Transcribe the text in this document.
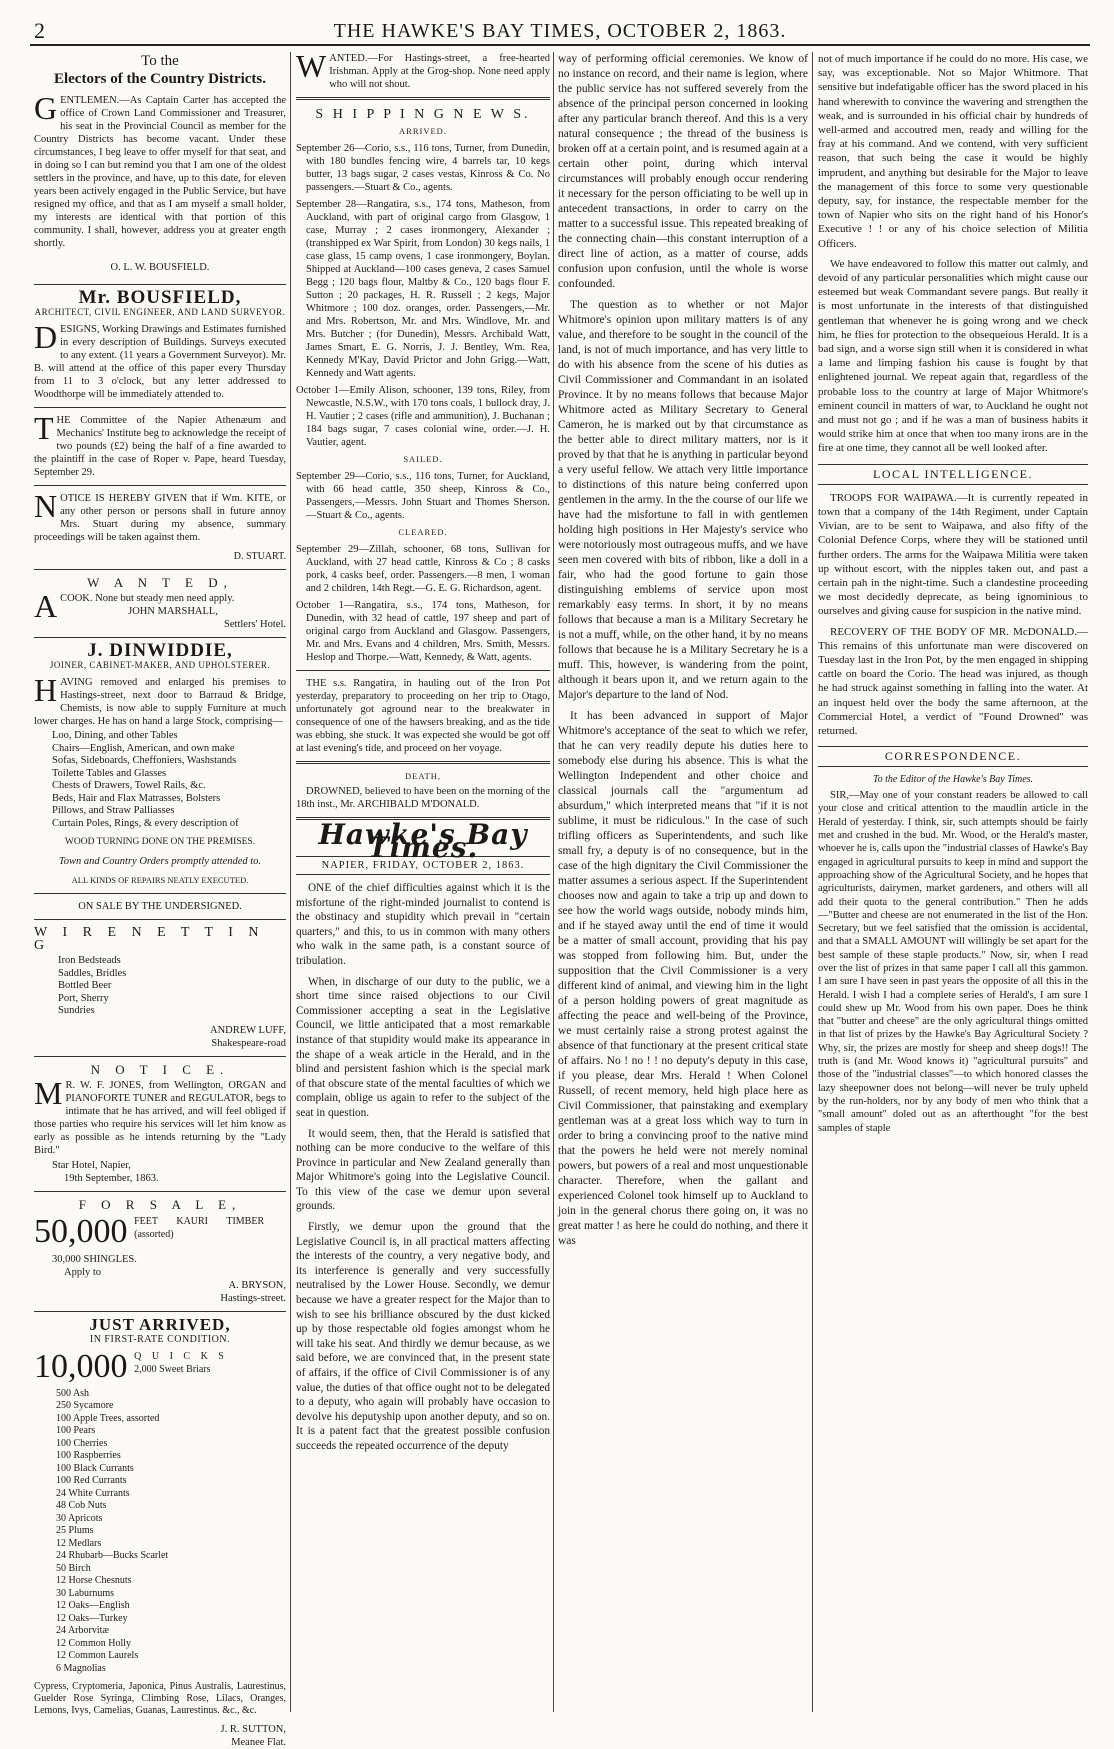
2	THE HAWKE'S BAY TIMES, OCTOBER 2, 1863.

To the

Electors of the Country Districts.

GENTLEMEN.—As Captain Carter has accepted the office of Crown Land Commissioner and Treasurer, his seat in the Provincial Council as member for the Country Districts has become vacant. Under these circumstances, I beg leave to offer myself for that seat, and in doing so I can but remind you that I am one of the oldest settlers in the province, and have, up to this date, for eleven years been actively engaged in the Public Service, but have resigned my office, and that as I am myself a small holder, my interests are identical with that portion of this community. I shall, however, address you at greater ength shortly.

O. L. W. BOUSFIELD.

Mr. BOUSFIELD,

ARCHITECT, CIVIL ENGINEER, AND LAND SURVEYOR.

DESIGNS, Working Drawings and Estimates furnished in every description of Buildings. Surveys executed to any extent. (11 years a Government Surveyor). Mr. B. will attend at the office of this paper every Thursday from 11 to 3 o'clock, but any letter addressed to Woodthorpe will be immediately attended to.

THE Committee of the Napier Athenæum and Mechanics' Institute beg to acknowledge the receipt of two pounds (£2) being the half of a fine awarded to the plaintiff in the case of Roper v. Pape, heard Tuesday, September 29.

NOTICE IS HEREBY GIVEN that if Wm. KITE, or any other person or persons shall in future annoy Mrs. Stuart during my absence, summary proceedings will be taken against them.

D. STUART.

W A N T E D,

ACOOK. None but steady men need apply.

JOHN MARSHALL,

Settlers' Hotel.

J. DINWIDDIE,

JOINER, CABINET-MAKER, AND UPHOLSTERER.

HAVING removed and enlarged his premises to Hastings-street, next door to Barraud & Bridge, Chemists, is now able to supply Furniture at much lower charges. He has on hand a large Stock, comprising—

Loo, Dining, and other Tables
Chairs—English, American, and own make
Sofas, Sideboards, Cheffoniers, Washstands
Toilette Tables and Glasses
Chests of Drawers, Towel Rails, &c.
Beds, Hair and Flax Matrasses, Bolsters
Pillows, and Straw Palliasses
Curtain Poles, Rings, & every description of

WOOD TURNING DONE ON THE PREMISES.

Town and Country Orders promptly attended to.

ALL KINDS OF REPAIRS NEATLY EXECUTED.

ON SALE BY THE UNDERSIGNED.

W I R E N E T T I N G

Iron Bedsteads
Saddles, Bridles
Bottled Beer
Port, Sherry
Sundries

ANDREW LUFF,

Shakespeare-road

N O T I C E.

MR. W. F. JONES, from Wellington, ORGAN and PIANOFORTE TUNER and REGULATOR, begs to intimate that he has arrived, and will feel obliged if those parties who require his services will let him know as early as possible as he intends returning by the "Lady Bird."

Star Hotel, Napier,

19th September, 1863.

F O R S A L E,

50,000 FEET KAURI TIMBER (assorted)

30,000 SHINGLES.

Apply to

A. BRYSON,

Hastings-street.

JUST ARRIVED,

IN FIRST-RATE CONDITION.

10,000 Q U I C K S
2,000 Sweet Briars
500 Ash
250 Sycamore
100 Apple Trees, assorted
100 Pears
100 Cherries
100 Raspberries
100 Black Currants
100 Red Currants
24 White Currants
48 Cob Nuts
30 Apricots
25 Plums
12 Medlars
24 Rhubarb—Bucks Scarlet
50 Birch
12 Horse Chesnuts
30 Laburnums
12 Oaks—English
12 Oaks—Turkey
24 Arborvitæ
12 Common Holly
12 Common Laurels
6 Magnolias

Cypress, Cryptomeria, Japonica, Pinus Australis, Laurestinus, Guelder Rose Syringa, Climbing Rose, Lilacs, Oranges, Lemons, Ivys, Camelias, Guanas, Laurestinus. &c., &c.

J. R. SUTTON,

Meanee Flat.

WANTED.—For Hastings-street, a free-hearted Irishman. Apply at the Grog-shop. None need apply who will not shout.

S H I P P I N G N E W S.

ARRIVED.

September 26—Corio, s.s., 116 tons, Turner, from Dunedin, with 180 bundles fencing wire, 4 barrels tar, 10 kegs butter, 13 bags sugar, 2 cases vestas, Kinross & Co. No passengers.—Stuart & Co., agents.

September 28—Rangatira, s.s., 174 tons, Matheson, from Auckland, with part of original cargo from Glasgow, 1 case, Murray ; 2 cases ironmongery, Alexander ; (transhipped ex War Spirit, from London) 30 kegs nails, 1 case glass, 15 camp ovens, 1 case ironmongery, Boylan. Shipped at Auckland—100 cases geneva, 2 cases Samuel Begg ; 120 bags flour, Maltby & Co., 120 bags flour F. Sutton ; 20 packages, H. R. Russell ; 2 kegs, Major Whitmore ; 100 doz. oranges, order. Passengers,—Mr. and Mrs. Robertson, Mr. and Mrs. Windlove, Mr. and Mrs. Butcher ; (for Dunedin), Messrs. Archibald Watt, James Smart, E. G. Norris, J. J. Bentley, Wm. Rea, Kennedy M'Kay, David Prictor and John Grigg.—Watt, Kennedy and Watt agents.

October 1—Emily Alison, schooner, 139 tons, Riley, from Newcastle, N.S.W., with 170 tons coals, 1 bullock dray, J. H. Vautier ; 2 cases (rifle and ammunition), J. Buchanan ; 184 bags sugar, 7 cases colonial wine, order.—J. H. Vautier, agent.

SAILED.

September 29—Corio, s.s., 116 tons, Turner, for Auckland, with 66 head cattle, 350 sheep, Kinross & Co., Passengers,—Messrs. John Stuart and Thomes Sherson.—Stuart & Co., agents.

CLEARED.

September 29—Zillah, schooner, 68 tons, Sullivan for Auckland, with 27 head cattle, Kinross & Co ; 8 casks pork, 4 casks beef, order. Passengers.—8 men, 1 woman and 2 children, 14th Regt.—G. E. G. Richardson, agent.

October 1—Rangatira, s.s., 174 tons, Matheson, for Dunedin, with 32 head of cattle, 197 sheep and part of original cargo from Auckland and Glasgow. Passengers, Mr. and Mrs. Evans and 4 children, Mrs. Smith, Messrs. Heslop and Thorpe.—Watt, Kennedy, & Watt, agents.

THE s.s. Rangatira, in hauling out of the Iron Pot yesterday, preparatory to proceeding on her trip to Otago, unfortunately got aground near to the breakwater in consequence of one of the hawsers breaking, and as the tide was ebbing, she stuck. It was expected she would be got off at last evening's tide, and proceed on her voyage.

DEATH,

DROWNED, believed to have been on the morning of the 18th inst., Mr. ARCHIBALD M'DONALD.

Hawke's Bay Times.

NAPIER, FRIDAY, OCTOBER 2, 1863.

ONE of the chief difficulties against which it is the misfortune of the right-minded journalist to contend is the obstinacy and stupidity which prevail in "certain quarters," and this, to us in common with many others who walk in the same path, is a constant source of tribulation.

When, in discharge of our duty to the public, we a short time since raised objections to our Civil Commissioner accepting a seat in the Legislative Council, we little anticipated that a most remarkable instance of that stupidity would make its appearance in the shape of a weak article in the Herald, and in the blind and persistent fashion which is the special mark of that obscure state of the mental faculties of which we complain, oblige us again to refer to the subject of the seat in question.

It would seem, then, that the Herald is satisfied that nothing can be more conducive to the welfare of this Province in particular and New Zealand generally than Major Whitmore's going into the Legislative Council. To this view of the case we demur upon several grounds.

Firstly, we demur upon the ground that the Legislative Council is, in all practical matters affecting the interests of the country, a very negative body, and its interference is generally and very successfully neutralised by the Lower House. Secondly, we demur because we have a greater respect for the Major than to wish to see his brilliance obscured by the dust kicked up by those respectable old fogies amongst whom he will take his seat. And thirdly we demur because, as we said before, we are convinced that, in the present state of affairs, if the office of Civil Commissioner is of any value, the duties of that office ought not to be delegated to a deputy, who again will probably have occasion to devolve his deputyship upon another deputy, and so on. It is a patent fact that the greatest possible confusion succeeds the repeated occurrence of the deputy

way of performing official ceremonies. We know of no instance on record, and their name is legion, where the public service has not suffered severely from the absence of the principal person concerned in looking after any particular branch thereof. And this is a very natural consequence ; the thread of the business is broken off at a certain point, and is resumed again at a certain other point, during which interval circumstances will probably enough occur rendering it necessary for the person officiating to be well up in antecedent transactions, in order to carry on the matter to a successful issue. This repeated breaking of the connecting chain—this constant interruption of a direct line of action, as a matter of course, adds confusion upon confusion, until the whole is worse confounded.

The question as to whether or not Major Whitmore's opinion upon military matters is of any value, and therefore to be sought in the council of the land, is not of much importance, and has very little to do with his absence from the scene of his duties as Civil Commissioner and Commandant in an isolated Province. It by no means follows that because Major Whitmore acted as Military Secretary to General Cameron, he is marked out by that circumstance as the better able to direct military matters, nor is it proved by that that he is anything in particular beyond a very useful fellow. We attach very little importance to distinctions of this nature being conferred upon gentlemen in the army. In the the course of our life we have had the misfortune to fall in with gentlemen holding high positions in Her Majesty's service who were notoriously most outrageous muffs, and we have seen men covered with bits of ribbon, like a doll in a fair, who had the good fortune to gain those distinguishing emblems of service upon most remarkably easy terms. In short, it by no means follows that because a man is a Military Secretary he is not a muff, while, on the other hand, it by no means follows that because he is a Military Secretary he is a muff. This, however, is wandering from the point, although it bears upon it, and we return again to the Major's departure to the land of Nod.

It has been advanced in support of Major Whitmore's acceptance of the seat to which we refer, that he can very readily depute his duties here to somebody else during his absence. This is what the Wellington Independent and other choice and classical journals call the "argumentum ad absurdum," which interpreted means that "if it is not sublime, it must be ridiculous." In the case of such trifling officers as Superintendents, and such like small fry, a deputy is of no consequence, but in the case of the high dignitary the Civil Commissioner the matter assumes a serious aspect. If the Superintendent chooses now and again to take a trip up and down to see how the world wags outside, nobody minds him, and if he stayed away until the end of time it would be a matter of small account, providing that his pay was stopped from following him. But, under the supposition that the Civil Commissioner is a very different kind of animal, and viewing him in the light of a person holding powers of great magnitude as affecting the peace and well-being of the Province, we must certainly raise a strong protest against the absence of that functionary at the present critical state of affairs. No ! no ! ! no deputy's deputy in this case, if you please, dear Mrs. Herald ! When Colonel Russell, of recent memory, held high place here as Civil Commissioner, that painstaking and exemplary gentleman was at a great loss which way to turn in order to bring a convincing proof to the native mind that the powers he held were not merely nominal powers, but powers of a real and most unquestionable character. Therefore, when the gallant and experienced Colonel took himself up to Auckland to join in the general chorus there going on, it was no great matter ! as here he could do nothing, and there it was

not of much importance if he could do no more. His case, we say, was exceptionable. Not so Major Whitmore. That sensitive but indefatigable officer has the sword placed in his hand wherewith to convince the wavering and strengthen the weak, and is surrounded in his official chair by hundreds of well-armed and accoutred men, ready and willing for the fray at his command. And we contend, with very sufficient reason, that such being the case it would be highly imprudent, and anything but desirable for the Major to leave the management of this force to some very questionable deputy, say, for instance, the respectable member for the town of Napier who sits on the right hand of his Honor's Executive ! ! or any of his choice selection of Militia Officers.

We have endeavored to follow this matter out calmly, and devoid of any particular personalities which might cause our esteemed but weak Commandant severe pangs. But really it is most unfortunate in the interests of that distinguished gentleman that whenever he is going wrong and we check him, he flies for protection to the obsequeious Herald. It is a bad sign, and a worse sign still when it is considered in what a lame and limping fashion his cause is fought by that enlightened journal. We repeat again that, regardless of the probable loss to the country at large of Major Whitmore's eminent council in matters of war, to Auckland he ought not and must not go ; and if he was a man of business habits it would strike him at once that when too many irons are in the fire at one time, they cannot all be well looked after.

LOCAL INTELLIGENCE.

TROOPS FOR WAIPAWA.—It is currently repeated in town that a company of the 14th Regiment, under Captain Vivian, are to be sent to Waipawa, and also fifty of the Colonial Defence Corps, where they will be stationed until further orders. The arms for the Waipawa Militia were taken up without escort, with the nipples taken out, and past a certain pah in the night-time. Such a clandestine proceeding we most decidedly deprecate, as being ignominious to ourselves and giving cause for suspicion in the native mind.

RECOVERY OF THE BODY OF MR. McDONALD.—This remains of this unfortunate man were discovered on Tuesday last in the Iron Pot, by the men engaged in shipping cattle on board the Corio. The head was injured, as though he had struck against something in falling into the water. At an inquest held over the body the same afternoon, at the Commercial Hotel, a verdict of "Found Drowned" was returned.

CORRESPONDENCE.

To the Editor of the Hawke's Bay Times.

SIR,—May one of your constant readers be allowed to call your close and critical attention to the maudlin article in the Herald of yesterday. I think, sir, such attempts should be fairly met and crushed in the bud. Mr. Wood, or the Herald's master, whoever he is, calls upon the "industrial classes of Hawke's Bay engaged in agricultural pursuits to keep in mind and support the approaching show of the Agricultural Society, and he hopes that agriculturists, dairymen, market gardeners, and others will all add their quota to the general contribution." Then he adds—"Butter and cheese are not enumerated in the list of the Hon. Secretary, but we feel satisfied that the omission is accidental, and that a SMALL AMOUNT will willingly be set apart for the best sample of these staple products." Now, sir, when I read over the list of prizes in that same paper I call all this gammon. I am sure I have seen in past years the opposite of all this in the Herald. I wish I had a complete series of Herald's, I am sure I could shew up Mr. Wood from his own paper. Does he think that "butter and cheese" are the only agricultural things omitted in that list of prizes by the Hawke's Bay Agricultural Society ? Why, sir, the prizes are mostly for sheep and sheep dogs!! The truth is (and Mr. Wood knows it) "agricultural pursuits" and those of the "industrial classes"—to which honored classes the lazy sheepowner does not belong—will never be truly upheld by the run-holders, nor by any body of men who think that a "small amount" doled out as an afterthought "for the best samples of staple
